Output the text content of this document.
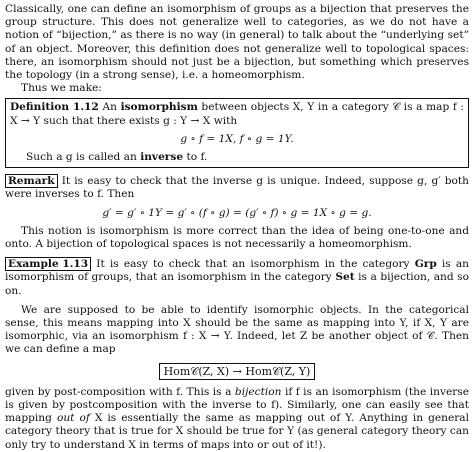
Classically, one can define an isomorphism of groups as a bijection that preserves the group structure. This does not generalize well to categories, as we do not have a notion of “bijection,” as there is no way (in general) to talk about the “underlying set” of an object. Moreover, this definition does not generalize well to topological spaces: there, an isomorphism should not just be a bijection, but something which preserves the topology (in a strong sense), i.e. a homeomorphism.

Thus we make:

Definition 1.12 An isomorphism between objects X, Y in a category 𝒞 is a map f : X → Y such that there exists g : Y → X with

g ∘ f = 1X, f ∘ g = 1Y.

Such a g is called an inverse to f.

Remark It is easy to check that the inverse g is unique. Indeed, suppose g, g′ both were inverses to f. Then

g′ = g′ ∘ 1Y = g′ ∘ (f ∘ g) = (g′ ∘ f) ∘ g = 1X ∘ g = g.

This notion is isomorphism is more correct than the idea of being one-to-one and onto. A bijection of topological spaces is not necessarily a homeomorphism.

Example 1.13 It is easy to check that an isomorphism in the category Grp is an isomorphism of groups, that an isomorphism in the category Set is a bijection, and so on.

We are supposed to be able to identify isomorphic objects. In the categorical sense, this means mapping into X should be the same as mapping into Y, if X, Y are isomorphic, via an isomorphism f : X → Y. Indeed, let Z be another object of 𝒞. Then we can define a map

Hom𝒞(Z, X) → Hom𝒞(Z, Y)

given by post-composition with f. This is a bijection if f is an isomorphism (the inverse is given by postcomposition with the inverse to f). Similarly, one can easily see that mapping out of X is essentially the same as mapping out of Y. Anything in general category theory that is true for X should be true for Y (as general category theory can only try to understand X in terms of maps into or out of it!).
